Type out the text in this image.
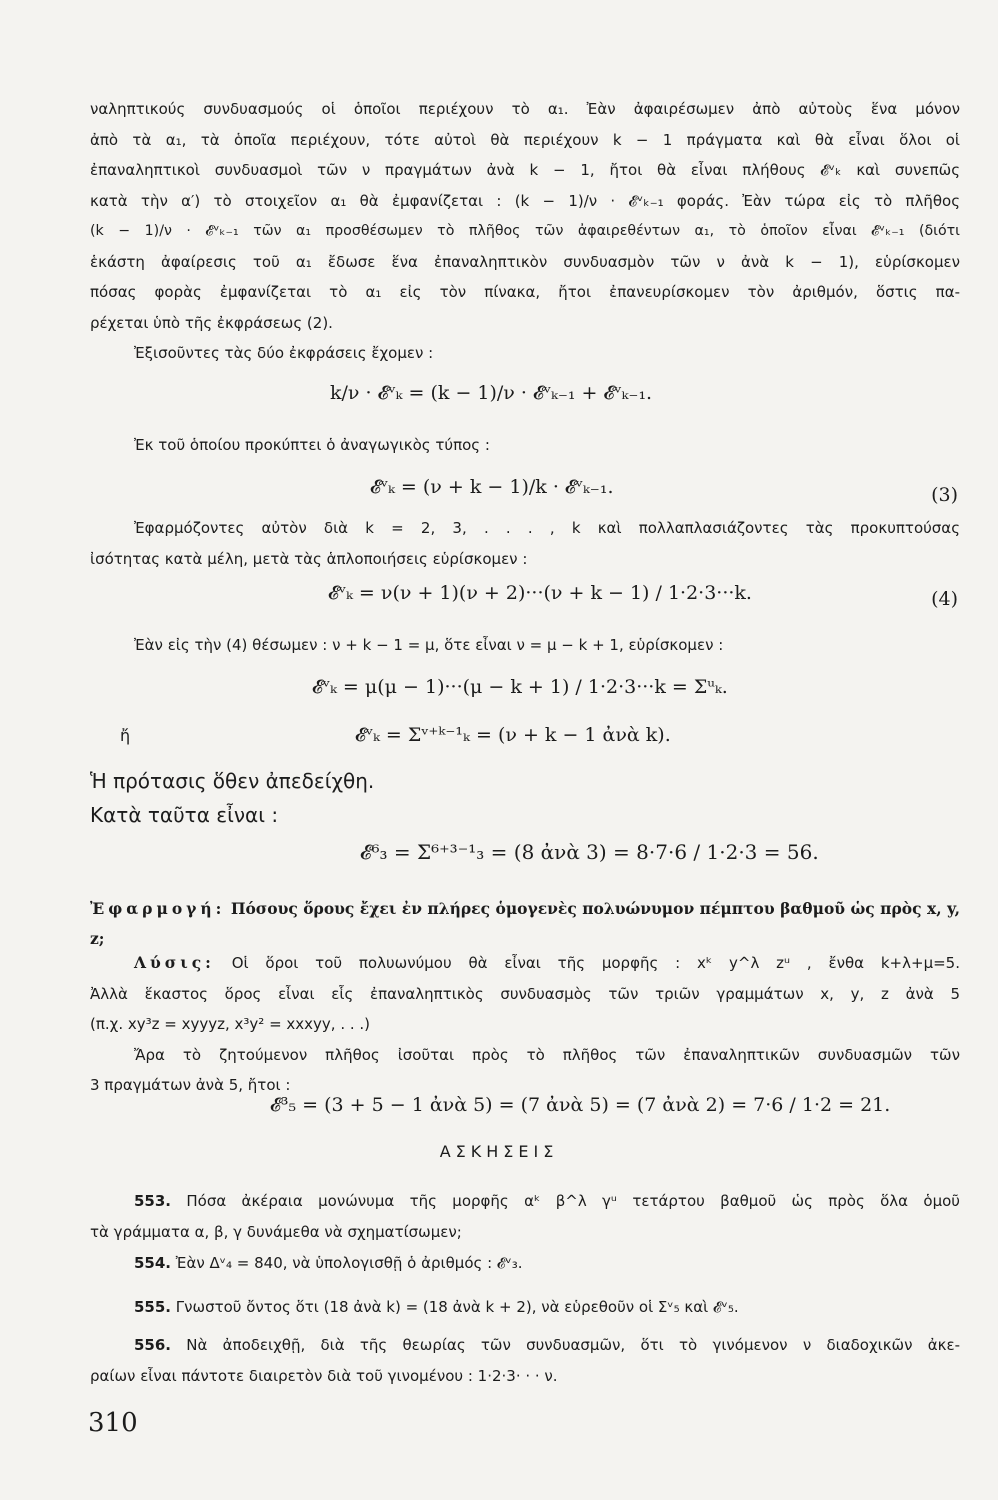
ναληπτικούς συνδυασμούς οἱ ὁποῖοι περιέχουν τὸ α₁. Ἐὰν ἀφαιρέσωμεν ἀπὸ αὐτοὺς ἕνα μόνον
ἀπὸ τὰ α₁, τὰ ὁποῖα περιέχουν, τότε αὐτοὶ θὰ περιέχουν k − 1 πράγματα καὶ θὰ εἶναι ὅλοι οἱ
ἐπαναληπτικοὶ συνδυασμοὶ τῶν ν πραγμάτων ἀνὰ k − 1, ἤτοι θὰ εἶναι πλήθους 𝓔ᵛₖ καὶ συνεπῶς
κατὰ τὴν α′) τὸ στοιχεῖον α₁ θὰ ἐμφανίζεται : (k − 1)/ν · 𝓔ᵛₖ₋₁ φοράς. Ἐὰν τώρα εἰς τὸ πλῆθος
(k − 1)/ν · 𝓔ᵛₖ₋₁ τῶν α₁ προσθέσωμεν τὸ πλῆθος τῶν ἀφαιρεθέντων α₁, τὸ ὁποῖον εἶναι 𝓔ᵛₖ₋₁ (διότι
ἑκάστη ἀφαίρεσις τοῦ α₁ ἔδωσε ἕνα ἐπαναληπτικὸν συνδυασμὸν τῶν ν ἀνὰ k − 1), εὑρίσκομεν
πόσας φορὰς ἐμφανίζεται τὸ α₁ εἰς τὸν πίνακα, ἤτοι ἐπανευρίσκομεν τὸν ἀριθμόν, ὅστις πα-
ρέχεται ὑπὸ τῆς ἐκφράσεως (2).
Ἐξισοῦντες τὰς δύο ἐκφράσεις ἔχομεν :
k/ν · 𝓔ᵛₖ = (k − 1)/ν · 𝓔ᵛₖ₋₁ + 𝓔ᵛₖ₋₁.
Ἐκ τοῦ ὁποίου προκύπτει ὁ ἀναγωγικὸς τύπος :
𝓔ᵛₖ = (ν + k − 1)/k · 𝓔ᵛₖ₋₁.	(3)
Ἐφαρμόζοντες αὐτὸν διὰ k = 2, 3, . . . , k καὶ πολλαπλασιάζοντες τὰς προκυπτούσας
ἰσότητας κατὰ μέλη, μετὰ τὰς ἁπλοποιήσεις εὑρίσκομεν :
𝓔ᵛₖ = ν(ν + 1)(ν + 2)···(ν + k − 1) / 1·2·3···k.	(4)
Ἐὰν εἰς τὴν (4) θέσωμεν : ν + k − 1 = μ, ὅτε εἶναι ν = μ − k + 1, εὑρίσκομεν :
𝓔ᵛₖ = μ(μ − 1)···(μ − k + 1) / 1·2·3···k = Σᵘₖ.
ἤ	𝓔ᵛₖ = Σᵛ⁺ᵏ⁻¹ₖ = (ν + k − 1 ἀνὰ k).
Ἡ πρότασις ὅθεν ἀπεδείχθη.
Κατὰ ταῦτα εἶναι :
𝓔⁶₃ = Σ⁶⁺³⁻¹₃ = (8 ἀνὰ 3) = 8·7·6 / 1·2·3 = 56.
Ἐφαρμογή: Πόσους ὅρους ἔχει ἐν πλήρες ὁμογενὲς πολυώνυμον πέμπτου βαθμοῦ ὡς πρὸς x, y, z;
Λύσις: Οἱ ὅροι τοῦ πολυωνύμου θὰ εἶναι τῆς μορφῆς : xᵏ y^λ zᵘ , ἔνθα k+λ+μ=5.
Ἀλλὰ ἕκαστος ὅρος εἶναι εἷς ἐπαναληπτικὸς συνδυασμὸς τῶν τριῶν γραμμάτων x, y, z ἀνὰ 5
(π.χ. xy³z = xyyyz, x³y² = xxxyy, . . .)
Ἄρα τὸ ζητούμενον πλῆθος ἰσοῦται πρὸς τὸ πλῆθος τῶν ἐπαναληπτικῶν συνδυασμῶν τῶν
3 πραγμάτων ἀνὰ 5, ἤτοι :
𝓔³₅ = (3 + 5 − 1 ἀνὰ 5) = (7 ἀνὰ 5) = (7 ἀνὰ 2) = 7·6 / 1·2 = 21.
ΑΣΚΗΣΕΙΣ
553. Πόσα ἀκέραια μονώνυμα τῆς μορφῆς αᵏ β^λ γᵘ τετάρτου βαθμοῦ ὡς πρὸς ὅλα ὁμοῦ
τὰ γράμματα α, β, γ δυνάμεθα νὰ σχηματίσωμεν;
554. Ἐὰν Δᵛ₄ = 840, νὰ ὑπολογισθῇ ὁ ἀριθμός : 𝓔ᵛ₃.
555. Γνωστοῦ ὄντος ὅτι (18 ἀνὰ k) = (18 ἀνὰ k + 2), νὰ εὑρεθοῦν οἱ Σᵛ₅ καὶ 𝓔ᵛ₅.
556. Νὰ ἀποδειχθῇ, διὰ τῆς θεωρίας τῶν συνδυασμῶν, ὅτι τὸ γινόμενον ν διαδοχικῶν ἀκε-
ραίων εἶναι πάντοτε διαιρετὸν διὰ τοῦ γινομένου : 1·2·3· · · ν.
310
